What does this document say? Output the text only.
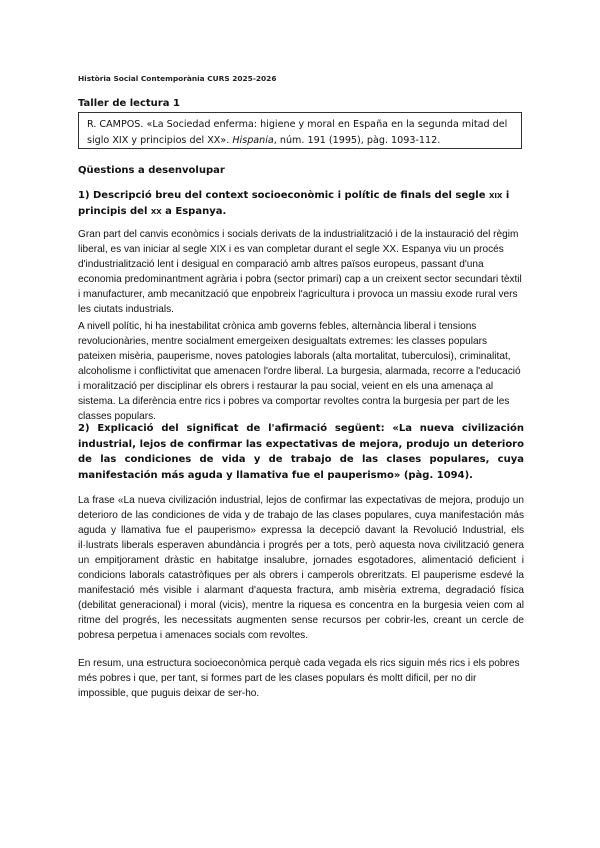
Història Social Contemporània CURS 2025-2026
Taller de lectura 1
R. CAMPOS. «La Sociedad enferma: higiene y moral en España en la segunda mitad del siglo XIX y principios del XX». Hispania, núm. 191 (1995), pàg. 1093-112.
Qüestions a desenvolupar
1) Descripció breu del context socioeconòmic i polític de finals del segle xix i principis del xx a Espanya.
Gran part del canvis econòmics i socials derivats de la industrialització i de la instauració del règim liberal, es van iniciar al segle XIX i es van completar durant el segle XX. Espanya viu un procés d'industrialització lent i desigual en comparació amb altres països europeus, passant d'una economia predominantment agrària i pobra (sector primari) cap a un creixent sector secundari tèxtil i manufacturer, amb mecanització que enpobreix l'agricultura i provoca un massiu exode rural vers les ciutats industrials.
A nivell polític, hi ha inestabilitat crònica amb governs febles, alternància liberal i tensions revolucionàries, mentre socialment emergeixen desigualtats extremes: les classes populars pateixen misèria, pauperisme, noves patologies laborals (alta mortalitat, tuberculosi), criminalitat, alcoholisme i conflictivitat que amenacen l'ordre liberal. La burgesia, alarmada, recorre a l'educació i moralització per disciplinar els obrers i restaurar la pau social, veient en els una amenaça al sistema. La diferència entre rics i pobres va comportar revoltes contra la burgesia per part de les classes populars.
2) Explicació del significat de l'afirmació següent: «La nueva civilización industrial, lejos de confirmar las expectativas de mejora, produjo un deterioro de las condiciones de vida y de trabajo de las clases populares, cuya manifestación más aguda y llamativa fue el pauperismo» (pàg. 1094).
La frase «La nueva civilización industrial, lejos de confirmar las expectativas de mejora, produjo un deterioro de las condiciones de vida y de trabajo de las clases populares, cuya manifestación más aguda y llamativa fue el pauperismo» expressa la decepció davant la Revolució Industrial, els il·lustrats liberals esperaven abundància i progrés per a tots, però aquesta nova civilització genera un empitjorament dràstic en habitatge insalubre, jornades esgotadores, alimentació deficient i condicions laborals catastròfiques per als obrers i camperols obreritzats. El pauperisme esdevé la manifestació més visible i alarmant d'aquesta fractura, amb misèria extrema, degradació física (debilitat generacional) i moral (vicis), mentre la riquesa es concentra en la burgesia veien com al ritme del progrés, les necessitats augmenten sense recursos per cobrir-les, creant un cercle de pobresa perpetua i amenaces socials com revoltes.
En resum, una estructura socioeconòmica perquè cada vegada els rics siguin més rics i els pobres més pobres i que, per tant, si formes part de les clases populars és moltt dificil, per no dir impossible, que puguis deixar de ser-ho.
